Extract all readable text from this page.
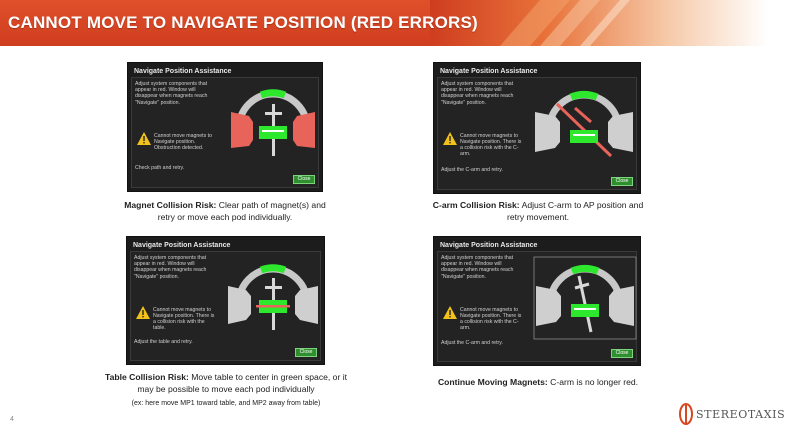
CANNOT MOVE TO NAVIGATE POSITION (RED ERRORS)
Navigate Position Assistance
Adjust system components that appear in red. Window will disappear when magnets reach "Navigate" position.
Cannot move magnets to Navigate position. Obstruction detected.
Check path and retry.
Close
Magnet Collision Risk: Clear path of magnet(s) and retry or move each pod individually.
Navigate Position Assistance
Adjust system components that appear in red. Window will disappear when magnets reach "Navigate" position.
Cannot move magnets to Navigate position. There is a collision risk with the C-arm.
Adjust the C-arm and retry.
Close
C-arm Collision Risk: Adjust C-arm to AP position and retry movement.
Navigate Position Assistance
Adjust system components that appear in red. Window will disappear when magnets reach "Navigate" position.
Cannot move magnets to Navigate position. There is a collision risk with the table.
Adjust the table and retry.
Close
Table Collision Risk: Move table to center in green space, or it may be possible to move each pod individually
(ex: here move MP1 toward table, and MP2 away from table)
Navigate Position Assistance
Adjust system components that appear in red. Window will disappear when magnets reach "Navigate" position.
Cannot move magnets to Navigate position. There is a collision risk with the C-arm.
Adjust the C-arm and retry.
Close
Continue Moving Magnets: C-arm is no longer red.
4	STEREOTAXIS
